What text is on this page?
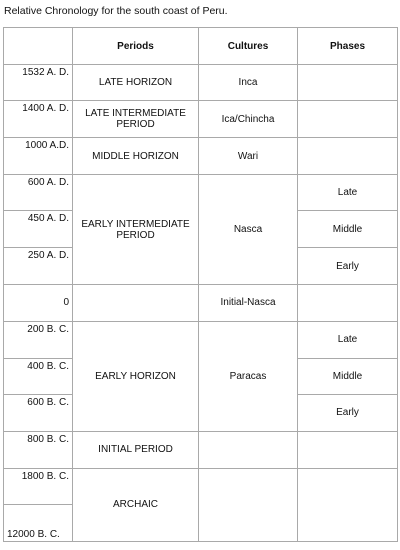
Relative Chronology for the south coast of Peru.
	Periods	Cultures	Phases
1532 A. D.	LATE HORIZON	Inca	
1400 A. D.	LATE INTERMEDIATE PERIOD	Ica/Chincha	
1000 A.D.	MIDDLE HORIZON	Wari	
600 A. D.	EARLY INTERMEDIATE PERIOD	Nasca	Late
450 A. D.			Middle
250 A. D.			Early
0		Initial-Nasca	
200 B. C.	EARLY HORIZON	Paracas	Late
400 B. C.			Middle
600 B. C.			Early
800 B. C.	INITIAL PERIOD		
1800 B. C.	ARCHAIC		
12000 B. C.			
